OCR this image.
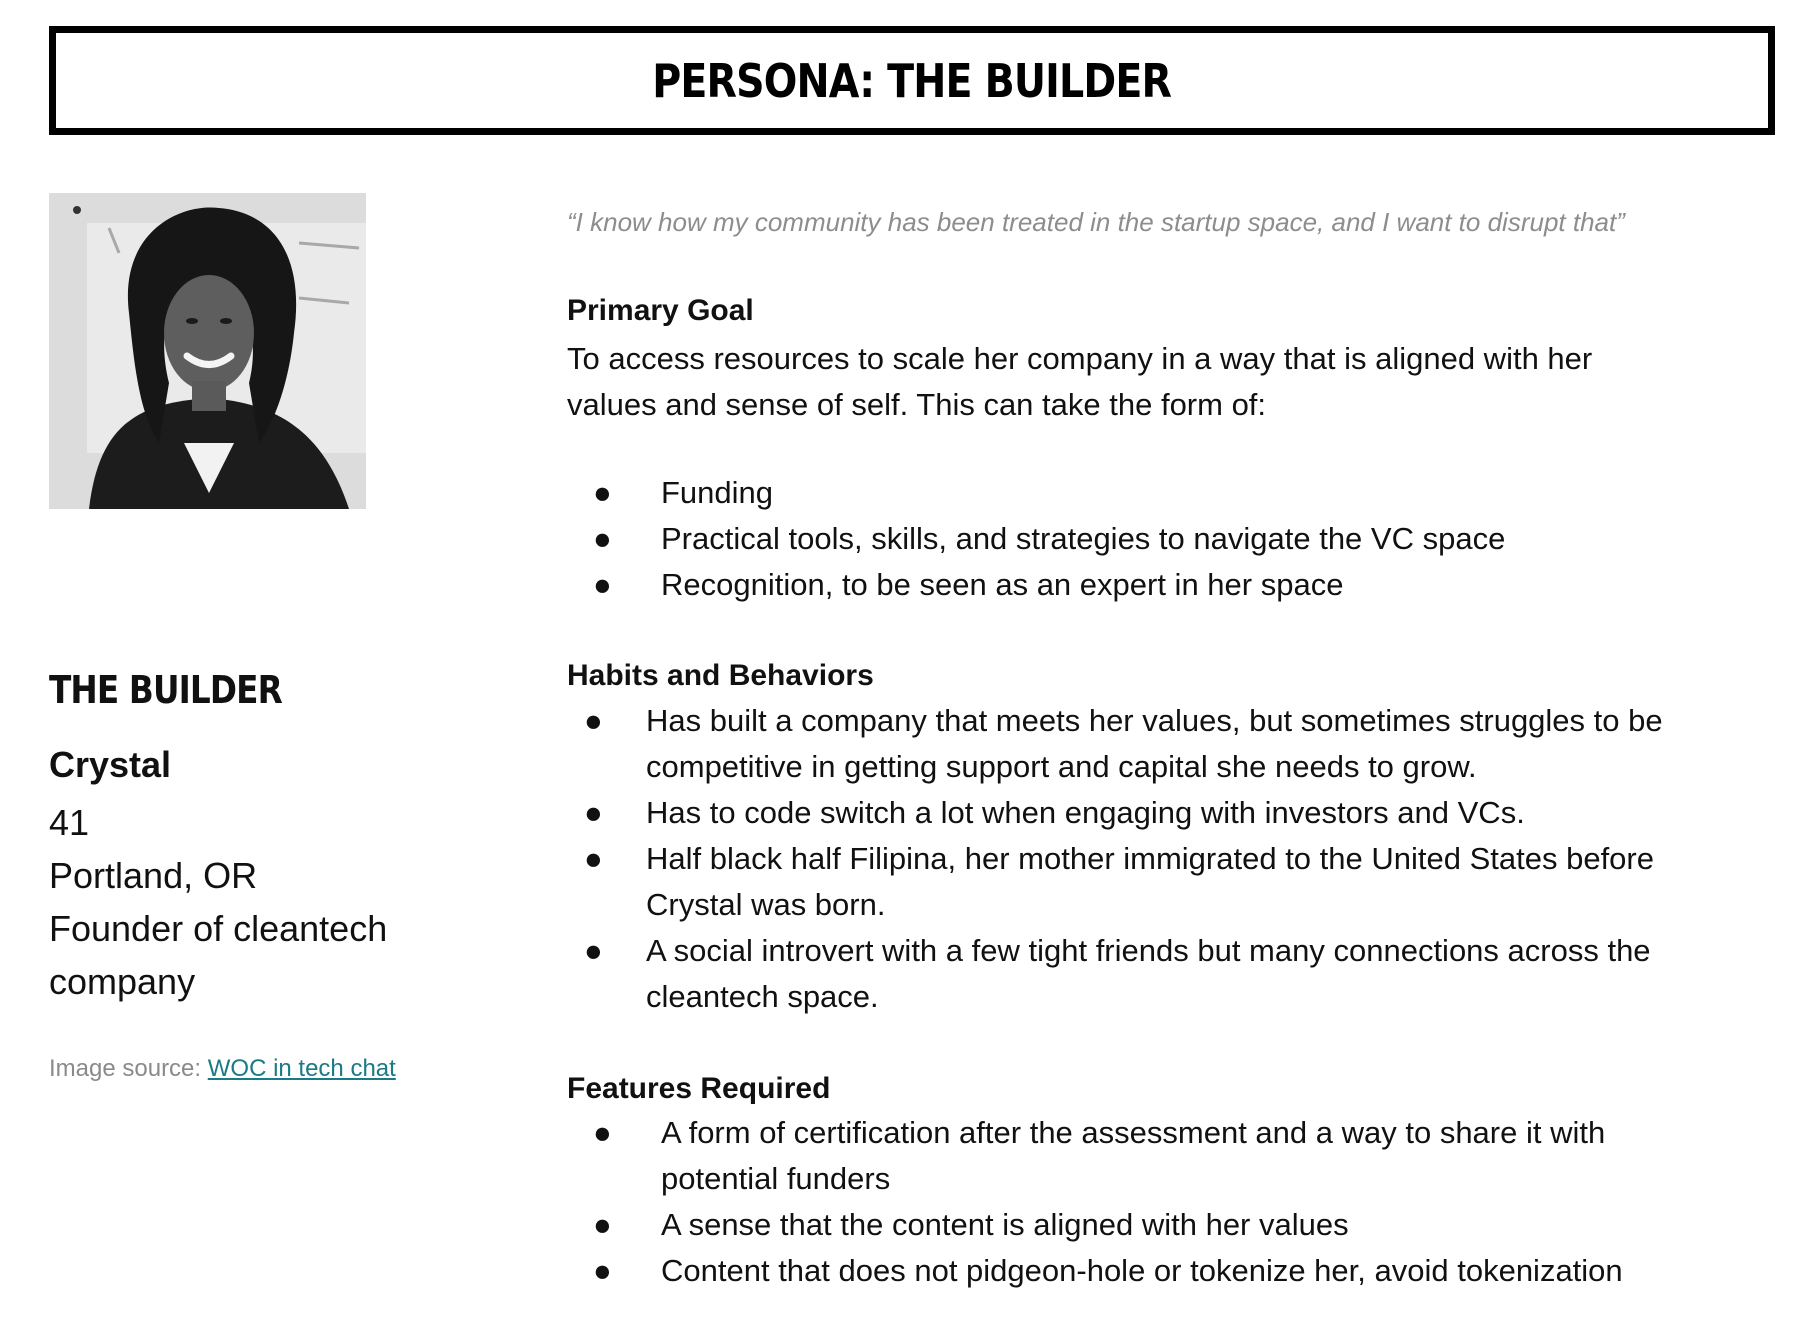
PERSONA: THE BUILDER
THE BUILDER
Crystal
41
Portland, OR
Founder of cleantech
company
Image source: WOC in tech chat
“I know how my community has been treated in the startup space, and I want to disrupt that”
Primary Goal
To access resources to scale her company in a way that is aligned with her
values and sense of self. This can take the form of:
● Funding
● Practical tools, skills, and strategies to navigate the VC space
● Recognition, to be seen as an expert in her space
Habits and Behaviors
● Has built a company that meets her values, but sometimes struggles to be
competitive in getting support and capital she needs to grow.
● Has to code switch a lot when engaging with investors and VCs.
● Half black half Filipina, her mother immigrated to the United States before
Crystal was born.
● A social introvert with a few tight friends but many connections across the
cleantech space.
Features Required
● A form of certification after the assessment and a way to share it with
potential funders
● A sense that the content is aligned with her values
● Content that does not pidgeon-hole or tokenize her, avoid tokenization
